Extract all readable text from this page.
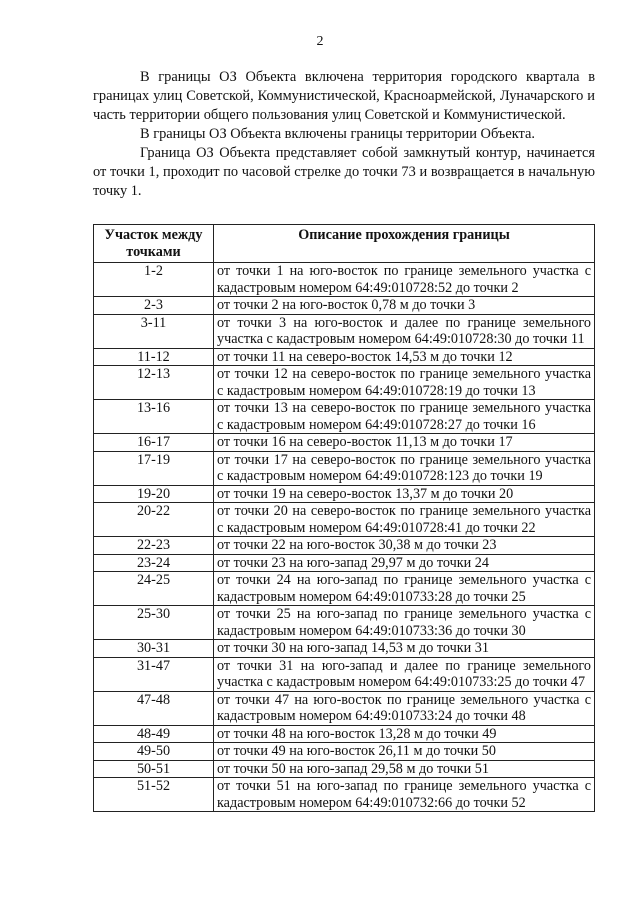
2

В границы ОЗ Объекта включена территория городского квартала в границах улиц Советской, Коммунистической, Красноармейской, Луначарского и часть территории общего пользования улиц Советской и Коммунистической.

В границы ОЗ Объекта включены границы территории Объекта.

Граница ОЗ Объекта представляет собой замкнутый контур, начинается от точки 1, проходит по часовой стрелке до точки 73 и возвращается в начальную точку 1.

Участок между точками	Описание прохождения границы
1-2	от точки 1 на юго-восток по границе земельного участка с кадастровым номером 64:49:010728:52 до точки 2
2-3	от точки 2 на юго-восток 0,78 м до точки 3
3-11	от точки 3 на юго-восток и далее по границе земельного участка с кадастровым номером 64:49:010728:30 до точки 11
11-12	от точки 11 на северо-восток 14,53 м до точки 12
12-13	от точки 12 на северо-восток по границе земельного участка с кадастровым номером 64:49:010728:19 до точки 13
13-16	от точки 13 на северо-восток по границе земельного участка с кадастровым номером 64:49:010728:27 до точки 16
16-17	от точки 16 на северо-восток 11,13 м до точки 17
17-19	от точки 17 на северо-восток по границе земельного участка с кадастровым номером 64:49:010728:123 до точки 19
19-20	от точки 19 на северо-восток 13,37 м до точки 20
20-22	от точки 20 на северо-восток по границе земельного участка с кадастровым номером 64:49:010728:41 до точки 22
22-23	от точки 22 на юго-восток 30,38 м до точки 23
23-24	от точки 23 на юго-запад 29,97 м до точки 24
24-25	от точки 24 на юго-запад по границе земельного участка с кадастровым номером 64:49:010733:28 до точки 25
25-30	от точки 25 на юго-запад по границе земельного участка с кадастровым номером 64:49:010733:36 до точки 30
30-31	от точки 30 на юго-запад 14,53 м до точки 31
31-47	от точки 31 на юго-запад и далее по границе земельного участка с кадастровым номером 64:49:010733:25 до точки 47
47-48	от точки 47 на юго-восток по границе земельного участка с кадастровым номером 64:49:010733:24 до точки 48
48-49	от точки 48 на юго-восток 13,28 м до точки 49
49-50	от точки 49 на юго-восток 26,11 м до точки 50
50-51	от точки 50 на юго-запад 29,58 м до точки 51
51-52	от точки 51 на юго-запад по границе земельного участка с кадастровым номером 64:49:010732:66 до точки 52
